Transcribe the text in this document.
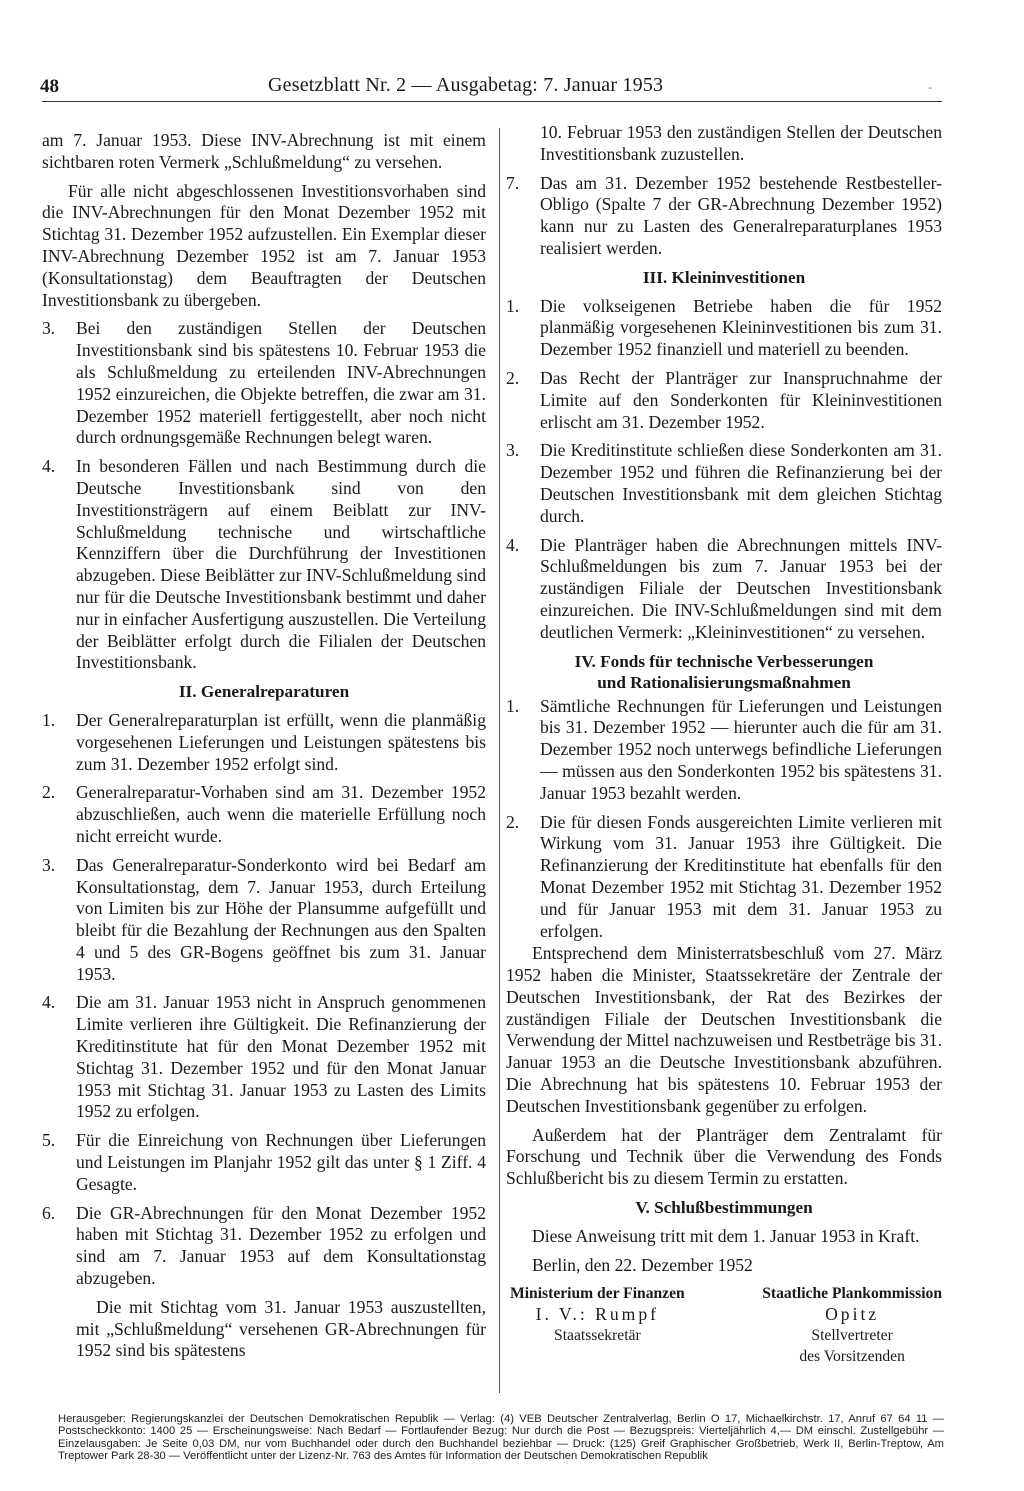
48	Gesetzblatt Nr. 2 — Ausgabetag: 7. Januar 1953	-

am 7. Januar 1953. Diese INV-Abrechnung ist mit einem sichtbaren roten Vermerk „Schlußmeldung“ zu versehen.

Für alle nicht abgeschlossenen Investitionsvorhaben sind die INV-Abrechnungen für den Monat Dezember 1952 mit Stichtag 31. Dezember 1952 aufzustellen. Ein Exemplar dieser INV-Abrechnung Dezember 1952 ist am 7. Januar 1953 (Konsultationstag) dem Beauftragten der Deutschen Investitionsbank zu übergeben.

3. Bei den zuständigen Stellen der Deutschen Investitionsbank sind bis spätestens 10. Februar 1953 die als Schlußmeldung zu erteilenden INV-Abrechnungen 1952 einzureichen, die Objekte betreffen, die zwar am 31. Dezember 1952 materiell fertiggestellt, aber noch nicht durch ordnungsgemäße Rechnungen belegt waren.
4. In besonderen Fällen und nach Bestimmung durch die Deutsche Investitionsbank sind von den Investitionsträgern auf einem Beiblatt zur INV-Schlußmeldung technische und wirtschaftliche Kennziffern über die Durchführung der Investitionen abzugeben. Diese Beiblätter zur INV-Schlußmeldung sind nur für die Deutsche Investitionsbank bestimmt und daher nur in einfacher Ausfertigung auszustellen. Die Verteilung der Beiblätter erfolgt durch die Filialen der Deutschen Investitionsbank.
II. Generalreparaturen
1. Der Generalreparaturplan ist erfüllt, wenn die planmäßig vorgesehenen Lieferungen und Leistungen spätestens bis zum 31. Dezember 1952 erfolgt sind.
2. Generalreparatur-Vorhaben sind am 31. Dezember 1952 abzuschließen, auch wenn die materielle Erfüllung noch nicht erreicht wurde.
3. Das Generalreparatur-Sonderkonto wird bei Bedarf am Konsultationstag, dem 7. Januar 1953, durch Erteilung von Limiten bis zur Höhe der Plansumme aufgefüllt und bleibt für die Bezahlung der Rechnungen aus den Spalten 4 und 5 des GR-Bogens geöffnet bis zum 31. Januar 1953.
4. Die am 31. Januar 1953 nicht in Anspruch genommenen Limite verlieren ihre Gültigkeit. Die Refinanzierung der Kreditinstitute hat für den Monat Dezember 1952 mit Stichtag 31. Dezember 1952 und für den Monat Januar 1953 mit Stichtag 31. Januar 1953 zu Lasten des Limits 1952 zu erfolgen.
5. Für die Einreichung von Rechnungen über Lieferungen und Leistungen im Planjahr 1952 gilt das unter § 1 Ziff. 4 Gesagte.
6. Die GR-Abrechnungen für den Monat Dezember 1952 haben mit Stichtag 31. Dezember 1952 zu erfolgen und sind am 7. Januar 1953 auf dem Konsultationstag abzugeben.

Die mit Stichtag vom 31. Januar 1953 auszustellten, mit „Schlußmeldung“ versehenen GR-Abrechnungen für 1952 sind bis spätestens

10. Februar 1953 den zuständigen Stellen der Deutschen Investitionsbank zuzustellen.

7. Das am 31. Dezember 1952 bestehende Restbesteller-Obligo (Spalte 7 der GR-Abrechnung Dezember 1952) kann nur zu Lasten des Generalreparaturplanes 1953 realisiert werden.
III. Kleininvestitionen
1. Die volkseigenen Betriebe haben die für 1952 planmäßig vorgesehenen Kleininvestitionen bis zum 31. Dezember 1952 finanziell und materiell zu beenden.
2. Das Recht der Planträger zur Inanspruchnahme der Limite auf den Sonderkonten für Kleininvestitionen erlischt am 31. Dezember 1952.
3. Die Kreditinstitute schließen diese Sonderkonten am 31. Dezember 1952 und führen die Refinanzierung bei der Deutschen Investitionsbank mit dem gleichen Stichtag durch.
4. Die Planträger haben die Abrechnungen mittels INV-Schlußmeldungen bis zum 7. Januar 1953 bei der zuständigen Filiale der Deutschen Investitionsbank einzureichen. Die INV-Schlußmeldungen sind mit dem deutlichen Vermerk: „Kleininvestitionen“ zu versehen.
IV. Fonds für technische Verbesserungen
und Rationalisierungsmaßnahmen
1. Sämtliche Rechnungen für Lieferungen und Leistungen bis 31. Dezember 1952 — hierunter auch die für am 31. Dezember 1952 noch unterwegs befindliche Lieferungen — müssen aus den Sonderkonten 1952 bis spätestens 31. Januar 1953 bezahlt werden.
2. Die für diesen Fonds ausgereichten Limite verlieren mit Wirkung vom 31. Januar 1953 ihre Gültigkeit. Die Refinanzierung der Kreditinstitute hat ebenfalls für den Monat Dezember 1952 mit Stichtag 31. Dezember 1952 und für Januar 1953 mit dem 31. Januar 1953 zu erfolgen.

Entsprechend dem Ministerratsbeschluß vom 27. März 1952 haben die Minister, Staatssekretäre der Zentrale der Deutschen Investitionsbank, der Rat des Bezirkes der zuständigen Filiale der Deutschen Investitionsbank die Verwendung der Mittel nachzuweisen und Restbeträge bis 31. Januar 1953 an die Deutsche Investitionsbank abzuführen. Die Abrechnung hat bis spätestens 10. Februar 1953 der Deutschen Investitionsbank gegenüber zu erfolgen.

Außerdem hat der Planträger dem Zentralamt für Forschung und Technik über die Verwendung des Fonds Schlußbericht bis zu diesem Termin zu erstatten.

V. Schlußbestimmungen

Diese Anweisung tritt mit dem 1. Januar 1953 in Kraft.

Berlin, den 22. Dezember 1952

Ministerium der Finanzen
I. V.: Rumpf
Staatssekretär
Staatliche Plankommission
Opitz
Stellvertreter
des Vorsitzenden
Herausgeber: Regierungskanzlei der Deutschen Demokratischen Republik — Verlag: (4) VEB Deutscher Zentralverlag, Berlin O 17, Michaelkirchstr. 17, Anruf 67 64 11 — Postscheckkonto: 1400 25 — Erscheinungsweise: Nach Bedarf — Fortlaufender Bezug: Nur durch die Post — Bezugspreis: Vierteljährlich 4,— DM einschl. Zustellgebühr — Einzelausgaben: Je Seite 0,03 DM, nur vom Buchhandel oder durch den Buchhandel beziehbar — Druck: (125) Greif Graphischer Großbetrieb, Werk II, Berlin-Treptow, Am Treptower Park 28-30 — Veröffentlicht unter der Lizenz-Nr. 763 des Amtes für Information der Deutschen Demokratischen Republik
